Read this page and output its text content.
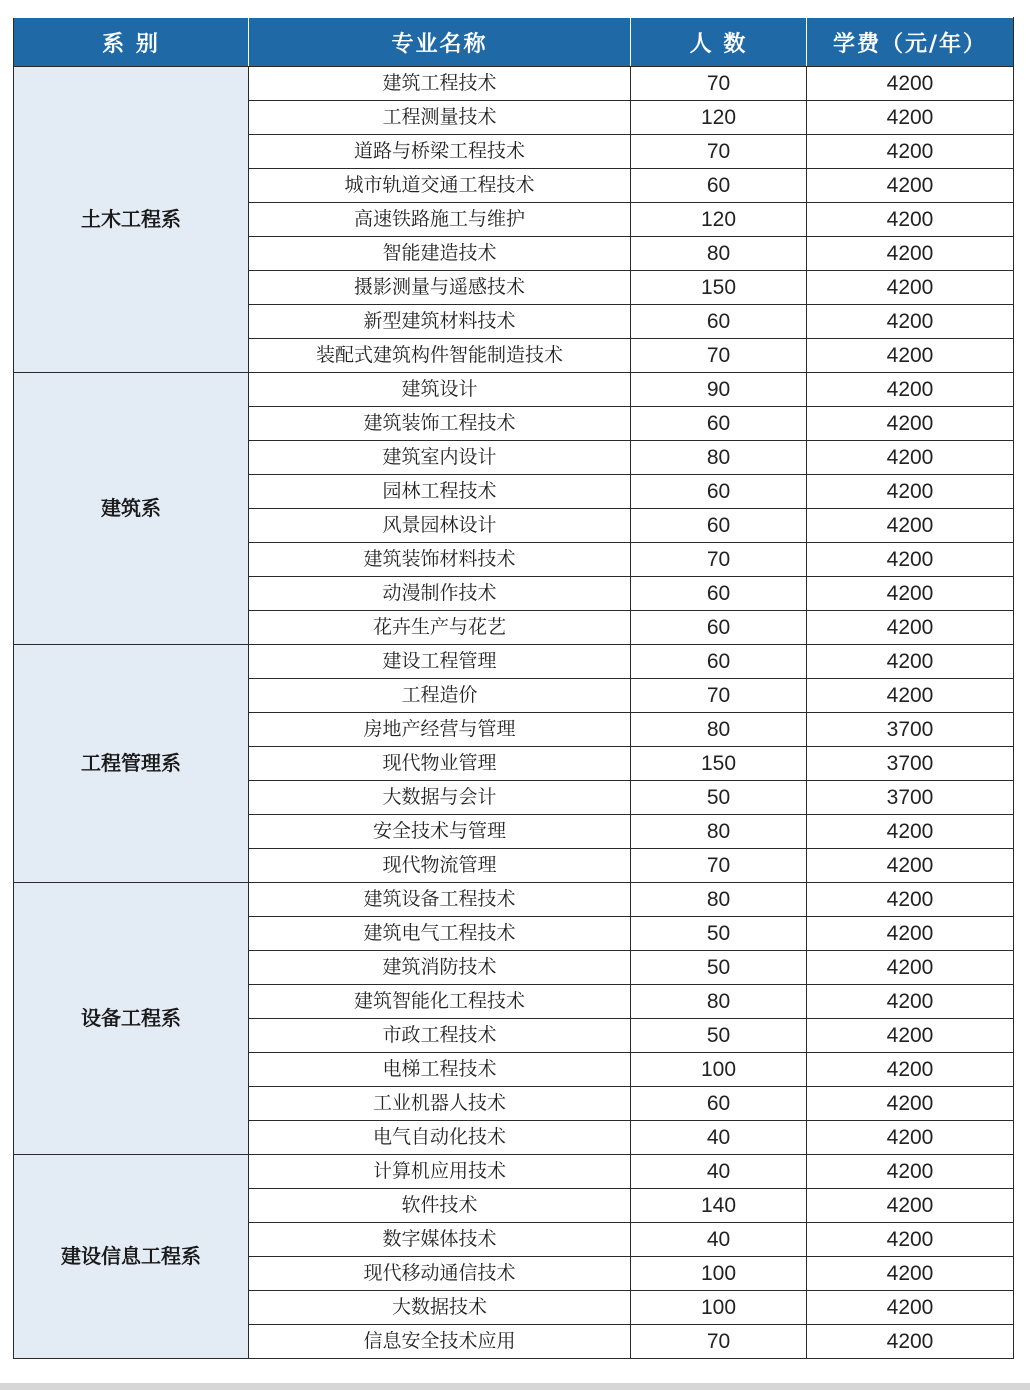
系 别	专业名称	人 数	学费（元/年）
土木工程系	建筑工程技术	70	4200
	工程测量技术	120	4200
	道路与桥梁工程技术	70	4200
	城市轨道交通工程技术	60	4200
	高速铁路施工与维护	120	4200
	智能建造技术	80	4200
	摄影测量与遥感技术	150	4200
	新型建筑材料技术	60	4200
	装配式建筑构件智能制造技术	70	4200
建筑系	建筑设计	90	4200
	建筑装饰工程技术	60	4200
	建筑室内设计	80	4200
	园林工程技术	60	4200
	风景园林设计	60	4200
	建筑装饰材料技术	70	4200
	动漫制作技术	60	4200
	花卉生产与花艺	60	4200
工程管理系	建设工程管理	60	4200
	工程造价	70	4200
	房地产经营与管理	80	3700
	现代物业管理	150	3700
	大数据与会计	50	3700
	安全技术与管理	80	4200
	现代物流管理	70	4200
设备工程系	建筑设备工程技术	80	4200
	建筑电气工程技术	50	4200
	建筑消防技术	50	4200
	建筑智能化工程技术	80	4200
	市政工程技术	50	4200
	电梯工程技术	100	4200
	工业机器人技术	60	4200
	电气自动化技术	40	4200
建设信息工程系	计算机应用技术	40	4200
	软件技术	140	4200
	数字媒体技术	40	4200
	现代移动通信技术	100	4200
	大数据技术	100	4200
	信息安全技术应用	70	4200
